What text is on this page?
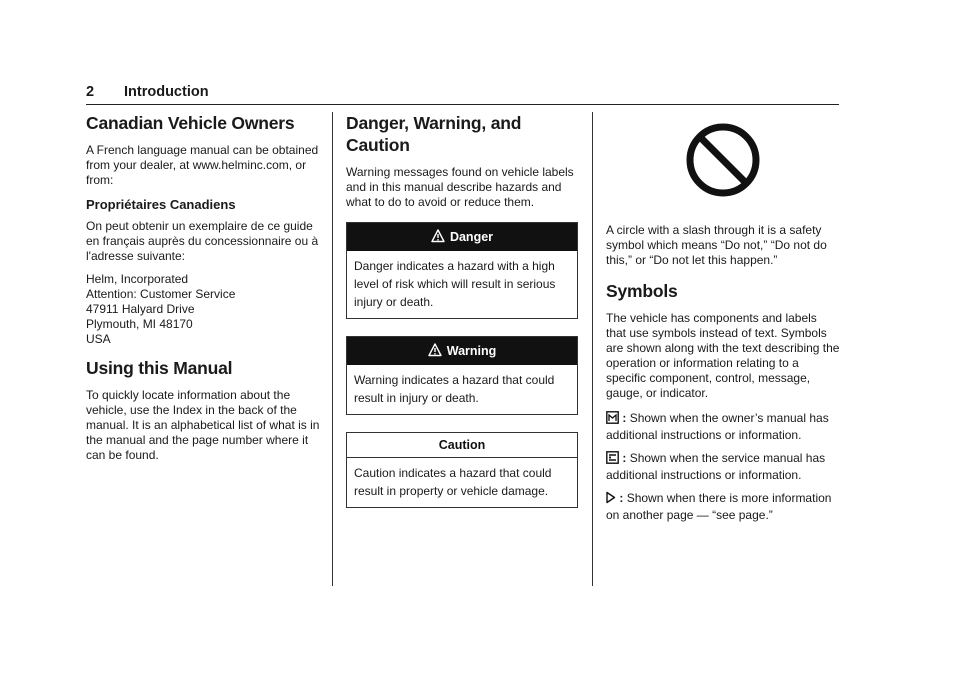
2 Introduction
Canadian Vehicle Owners

A French language manual can be obtained from your dealer, at www.helminc.com, or from:

Propriétaires Canadiens

On peut obtenir un exemplaire de ce guide en français auprès du concessionnaire ou à l'adresse suivante:

Helm, Incorporated
Attention: Customer Service
47911 Halyard Drive
Plymouth, MI 48170
USA
Using this Manual

To quickly locate information about the vehicle, use the Index in the back of the manual. It is an alphabetical list of what is in the manual and the page number where it can be found.

Danger, Warning, and Caution

Warning messages found on vehicle labels and in this manual describe hazards and what to do to avoid or reduce them.

Danger
Danger indicates a hazard with a high level of risk which will result in serious injury or death.
Warning
Warning indicates a hazard that could result in injury or death.
Caution
Caution indicates a hazard that could result in property or vehicle damage.

A circle with a slash through it is a safety symbol which means “Do not,” “Do not do this,” or “Do not let this happen.”

Symbols

The vehicle has components and labels that use symbols instead of text. Symbols are shown along with the text describing the operation or information relating to a specific component, control, message, gauge, or indicator.

: Shown when the owner’s manual has additional instructions or information.

: Shown when the service manual has additional instructions or information.

: Shown when there is more information on another page — “see page.”
